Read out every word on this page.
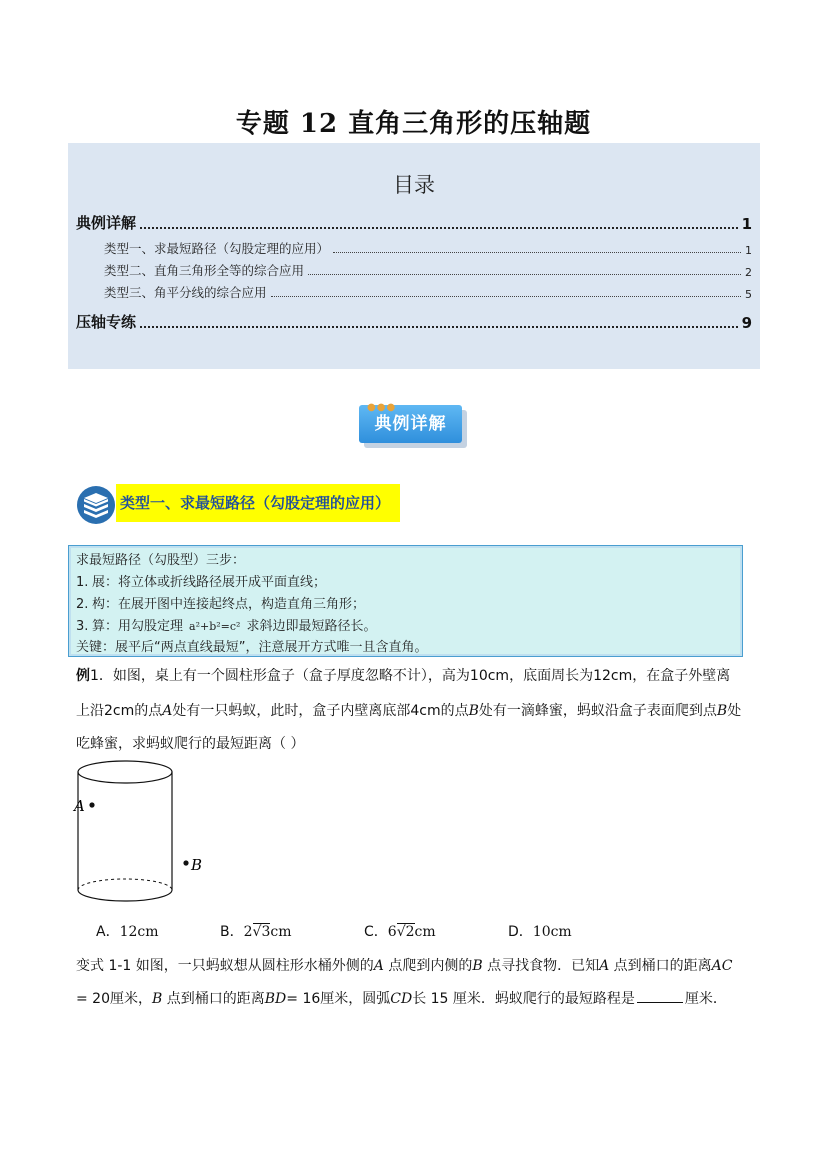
专题 12 直角三角形的压轴题
目录
典例详解	1
类型一、求最短路径（勾股定理的应用）	1
类型二、直角三角形全等的综合应用	2
类型三、角平分线的综合应用	5
压轴专练	9
典例详解
●●●
类型一、求最短路径（勾股定理的应用）
求最短路径（勾股型）三步：
1. 展：将立体或折线路径展开成平面直线；
2. 构：在展开图中连接起终点，构造直角三角形；
3. 算：用勾股定理 a²+b²=c² 求斜边即最短路径长。
关键：展平后“两点直线最短”，注意展开方式唯一且含直角。
例1．如图，桌上有一个圆柱形盒子（盒子厚度忽略不计），高为10cm，底面周长为12cm，在盒子外壁离
上沿2cm的点A处有一只蚂蚁，此时，盒子内壁离底部4cm的点B处有一滴蜂蜜，蚂蚁沿盒子表面爬到点B处
吃蜂蜜，求蚂蚁爬行的最短距离（ ）
A
B
A．12cm	B．2√3cm	C．6√2cm	D．10cm
变式 1-1 如图，一只蚂蚁想从圆柱形水桶外侧的A 点爬到内侧的B 点寻找食物．已知A 点到桶口的距离AC
= 20厘米，B 点到桶口的距离BD= 16厘米，圆弧CD长 15 厘米．蚂蚁爬行的最短路程是	厘米．
